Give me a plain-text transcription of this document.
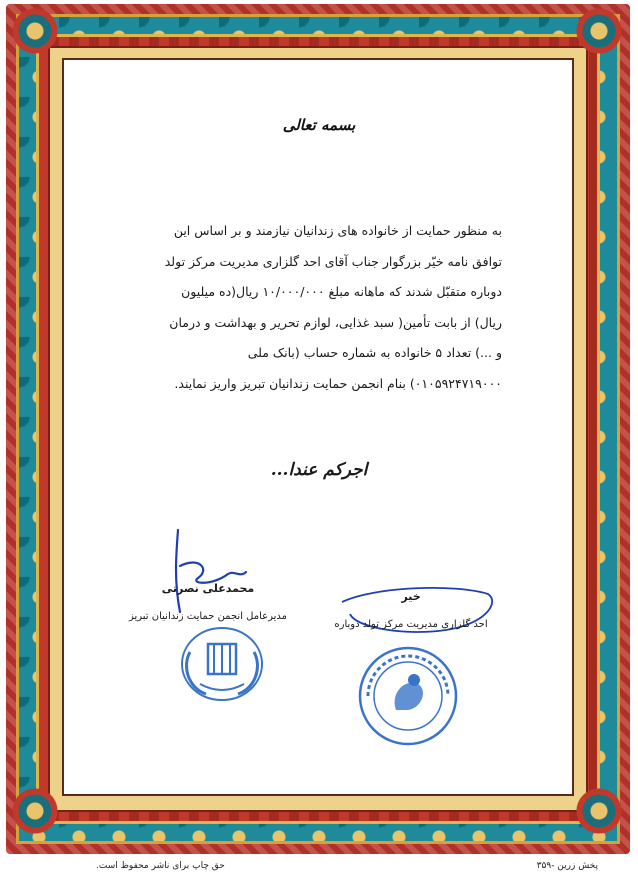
بسمه تعالی
به منظور حمایت از خانواده های زندانیان نیازمند و بر اساس این
توافق نامه خیّر بزرگوار جناب آقای احد گلزاری مدیریت مرکز تولد
دوباره متقبّل شدند که ماهانه مبلغ ۱۰/۰۰۰/۰۰۰ ریال(ده میلیون
ریال) از بابت تأمین( سبد غذایی، لوازم تحریر و بهداشت و درمان
و ...) تعداد ۵ خانواده به شماره حساب (بانک ملی
۰۱۰۵۹۲۴۷۱۹۰۰۰) بنام انجمن حمایت زندانیان تبریز واریز نمایند.
اجرکم عندا...
محمدعلی نصرتی
مدیرعامل انجمن حمایت زندانیان تبریز
خیر
احد گلزاری مدیریت مرکز تولد دوباره
حق چاپ برای ناشر محفوظ است.	پخش زرین -۳۵۹
